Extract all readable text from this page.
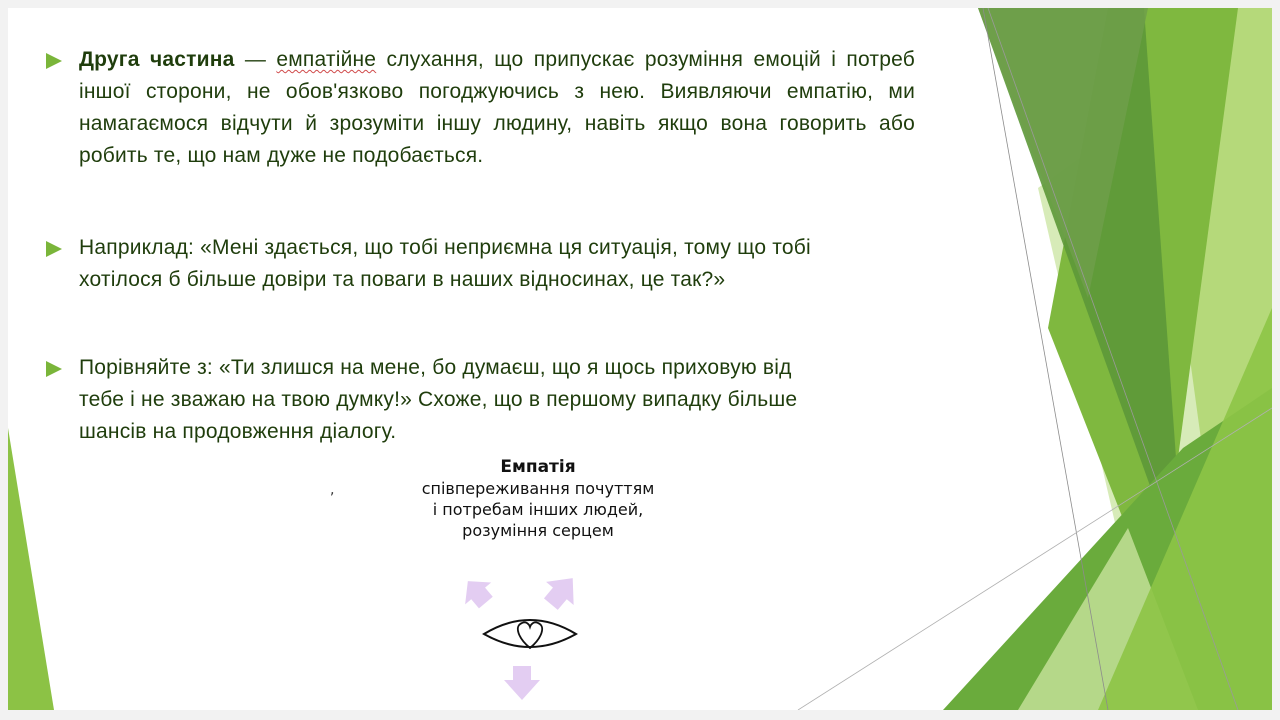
Друга частина — емпатійне слухання, що припускає розуміння емоцій і потреб іншої сторони, не обов'язково погоджуючись з нею. Виявляючи емпатію, ми намагаємося відчути й зрозуміти іншу людину, навіть якщо вона говорить або робить те, що нам дуже не подобається.
Наприклад: «Мені здається, що тобі неприємна ця ситуація, тому що тобі
хотілося б більше довіри та поваги в наших відносинах, це так?»
Порівняйте з: «Ти злишся на мене, бо думаєш, що я щось приховую від
тебе і не зважаю на твою думку!» Схоже, що в першому випадку більше
шансів на продовження діалогу.
,
Емпатія
співпереживання почуттям
і потребам інших людей,
розуміння серцем
